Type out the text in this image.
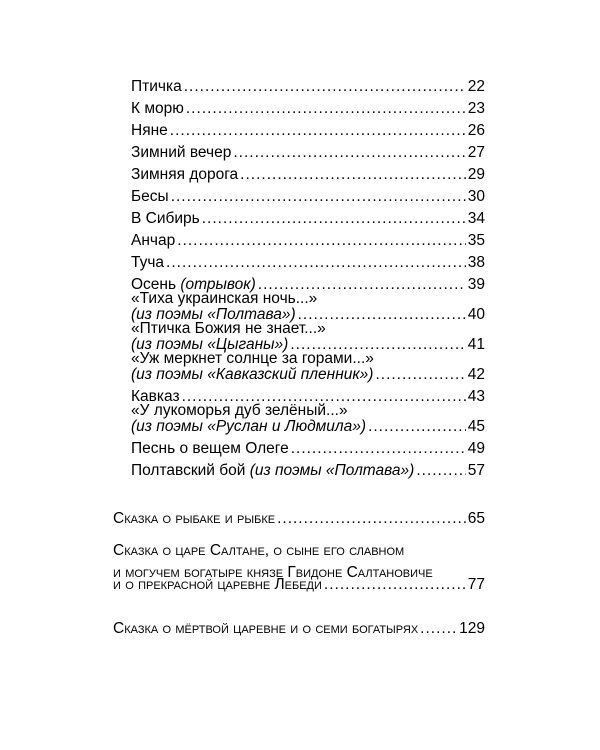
Птичка .....	22
К морю .....	23
Няне .....	26
Зимний вечер .....	27
Зимняя дорога .....	29
Бесы .....	30
В Сибирь .....	34
Анчар .....	35
Туча .....	38
Осень (отрывок) .....	39
«Тиха украинская ночь...»
(из поэмы «Полтава») .....	40
«Птичка Божия не знает...»
(из поэмы «Цыганы») .....	41
«Уж меркнет солнце за горами...»
(из поэмы «Кавказский пленник») .....	42
Кавказ .....	43
«У лукоморья дуб зелёный...»
(из поэмы «Руслан и Людмила») .....	45
Песнь о вещем Олеге .....	49
Полтавский бой (из поэмы «Полтава») .....	57
Сказка о рыбаке и рыбке .....	65
Сказка о царе Салтане, о сыне его славном
и могучем богатыре князе Гвидоне Салтановиче
и о прекрасной царевне Лебеди .....	77
Сказка о мёртвой царевне и о семи богатырях .....	129
